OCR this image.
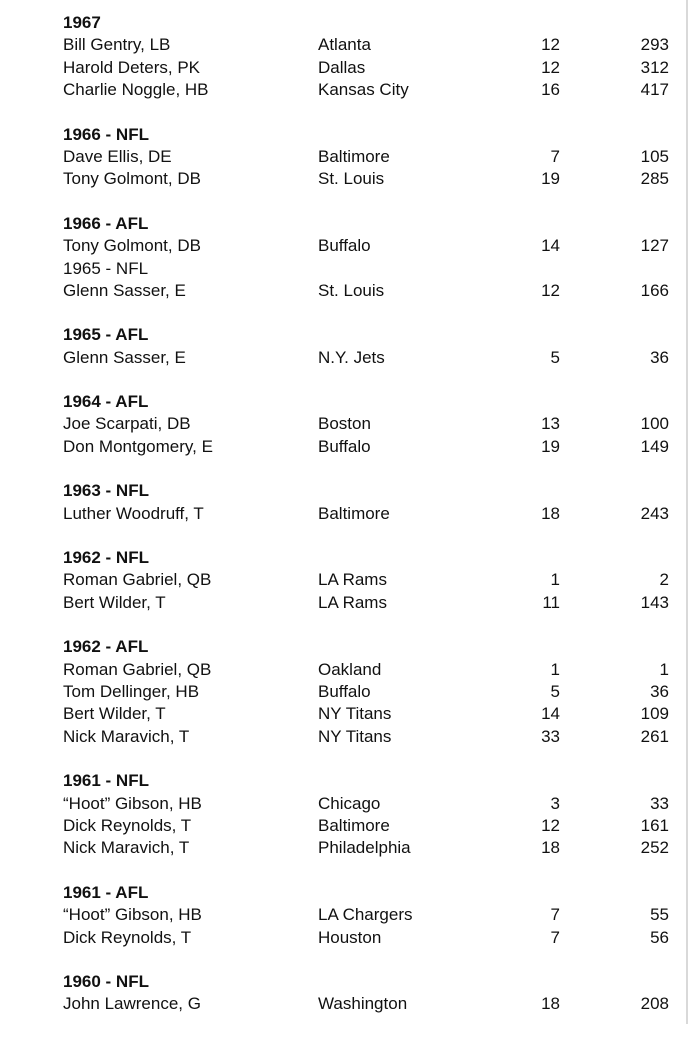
1967
Bill Gentry, LB	Atlanta	12	293
Harold Deters, PK	Dallas	12	312
Charlie Noggle, HB	Kansas City	16	417
1966 - NFL
Dave Ellis, DE	Baltimore	7	105
Tony Golmont, DB	St. Louis	19	285
1966 - AFL
Tony Golmont, DB	Buffalo	14	127
1965 - NFL
Glenn Sasser, E	St. Louis	12	166
1965 - AFL
Glenn Sasser, E	N.Y. Jets	5	36
1964 - AFL
Joe Scarpati, DB	Boston	13	100
Don Montgomery, E	Buffalo	19	149
1963 - NFL
Luther Woodruff, T	Baltimore	18	243
1962 - NFL
Roman Gabriel, QB	LA Rams	1	2
Bert Wilder, T	LA Rams	11	143
1962 - AFL
Roman Gabriel, QB	Oakland	1	1
Tom Dellinger, HB	Buffalo	5	36
Bert Wilder, T	NY Titans	14	109
Nick Maravich, T	NY Titans	33	261
1961 - NFL
“Hoot” Gibson, HB	Chicago	3	33
Dick Reynolds, T	Baltimore	12	161
Nick Maravich, T	Philadelphia	18	252
1961 - AFL
“Hoot” Gibson, HB	LA Chargers	7	55
Dick Reynolds, T	Houston	7	56
1960 - NFL
John Lawrence, G	Washington	18	208
